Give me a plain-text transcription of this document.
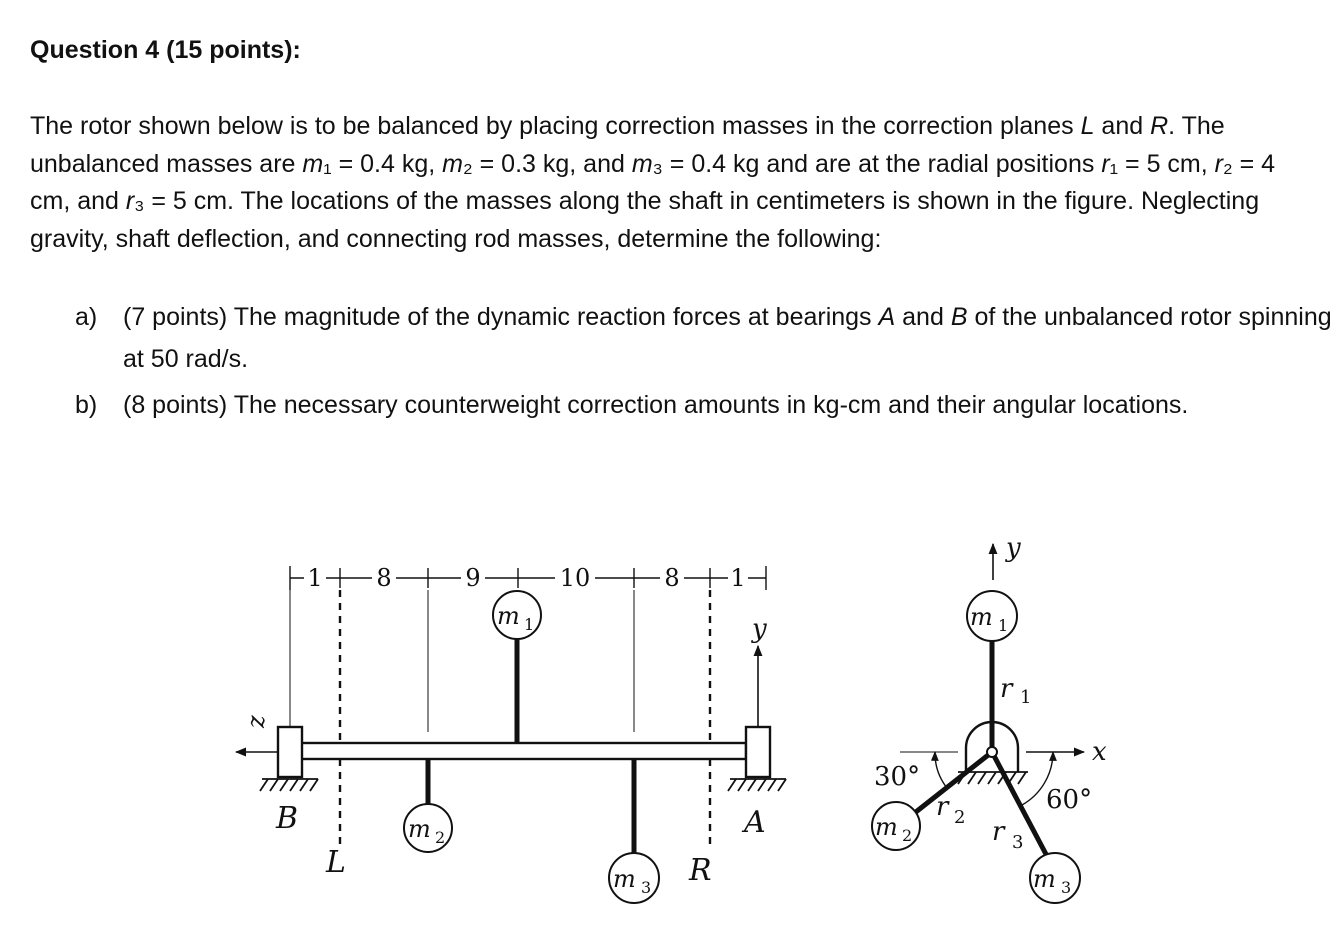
Question 4 (15 points):

The rotor shown below is to be balanced by placing correction masses in the correction planes L and R. The unbalanced masses are m₁ = 0.4 kg, m₂ = 0.3 kg, and m₃ = 0.4 kg and are at the radial positions r₁ = 5 cm, r₂ = 4 cm, and r₃ = 5 cm. The locations of the masses along the shaft in centimeters is shown in the figure. Neglecting gravity, shaft deflection, and connecting rod masses, determine the following:

a) (7 points) The magnitude of the dynamic reaction forces at bearings A and B of the unbalanced rotor spinning at 50 rad/s.
b) (8 points) The necessary counterweight correction amounts in kg-cm and their angular locations.
1 8	9	10	8 1
z
y
B	A
L	R
m 1
m 2
m 3
y
x
30°
60°
r 1
r 2 r 3
m 1
m 2
m 3
